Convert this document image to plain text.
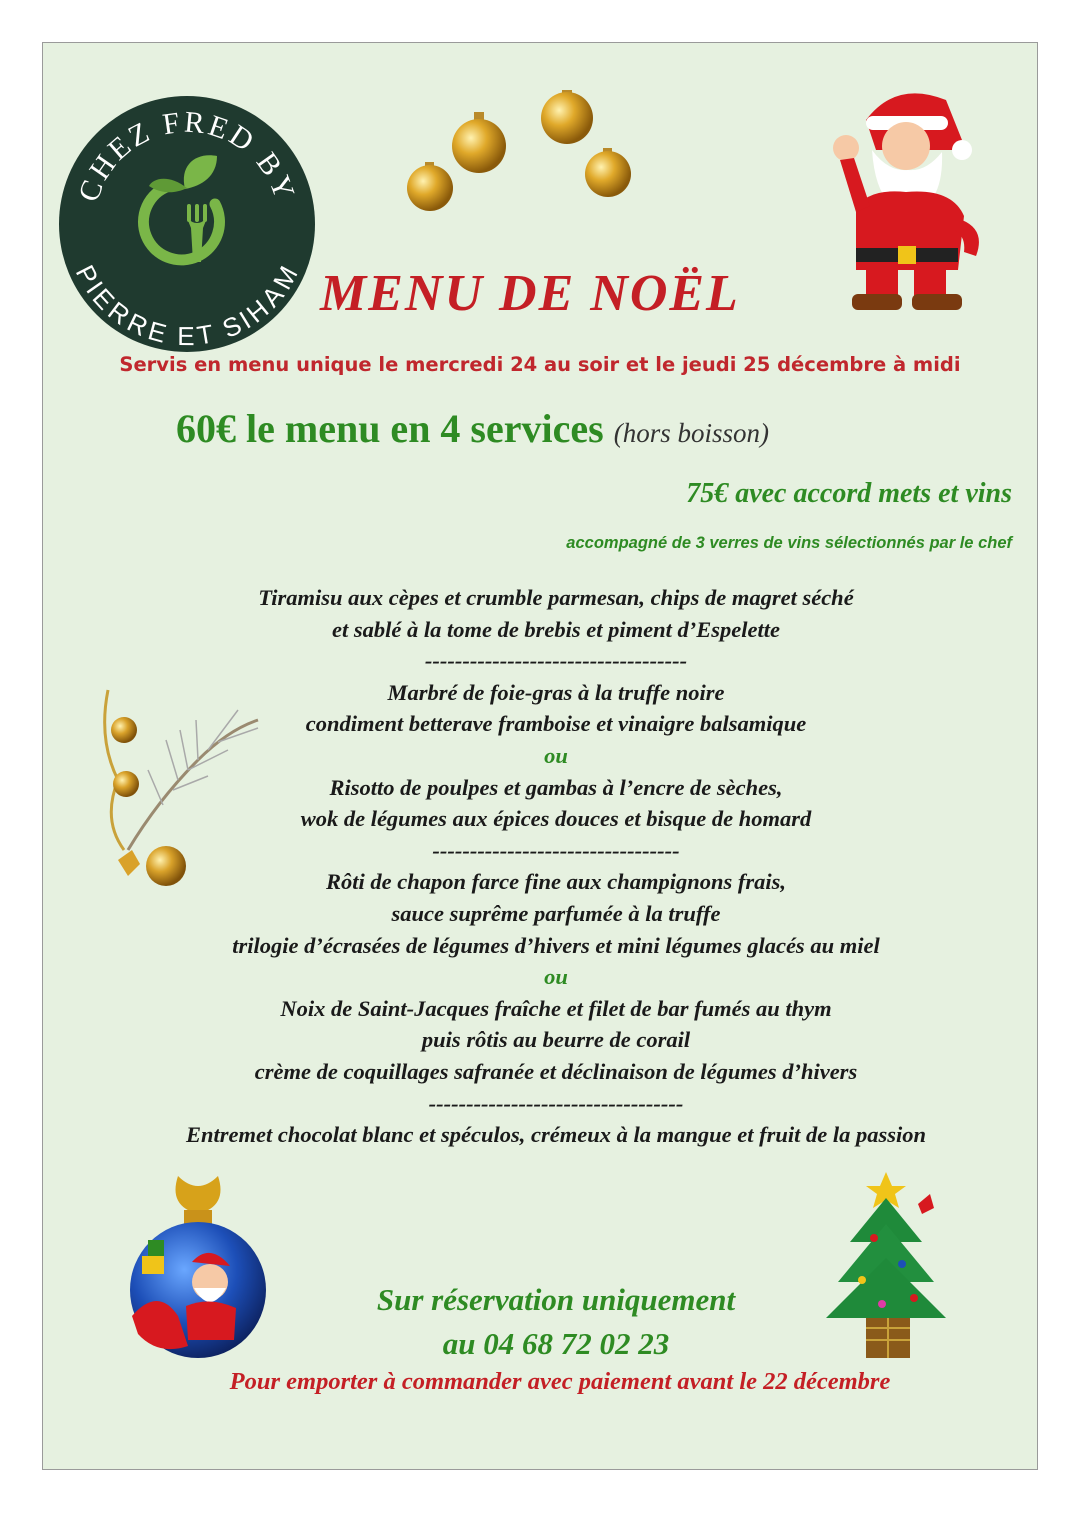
CHEZ FRED BY
PIERRE ET SIHAM MENU DE NOËL
Servis en menu unique le mercredi 24 au soir et le jeudi 25 décembre à midi
60€ le menu en 4 services (hors boisson)
75€ avec accord mets et vins
accompagné de 3 verres de vins sélectionnés par le chef
Tiramisu aux cèpes et crumble parmesan, chips de magret séché
et sablé à la tome de brebis et piment d’Espelette
-----------------------------------
Marbré de foie-gras à la truffe noire
condiment betterave framboise et vinaigre balsamique
ou
Risotto de poulpes et gambas à l’encre de sèches,
wok de légumes aux épices douces et bisque de homard
---------------------------------
Rôti de chapon farce fine aux champignons frais,
sauce suprême parfumée à la truffe
trilogie d’écrasées de légumes d’hivers et mini légumes glacés au miel
ou
Noix de Saint-Jacques fraîche et filet de bar fumés au thym
puis rôtis au beurre de corail
crème de coquillages safranée et déclinaison de légumes d’hivers
----------------------------------
Entremet chocolat blanc et spéculos, crémeux à la mangue et fruit de la passion
Sur réservation uniquement
au 04 68 72 02 23
Pour emporter à commander avec paiement avant le 22 décembre
